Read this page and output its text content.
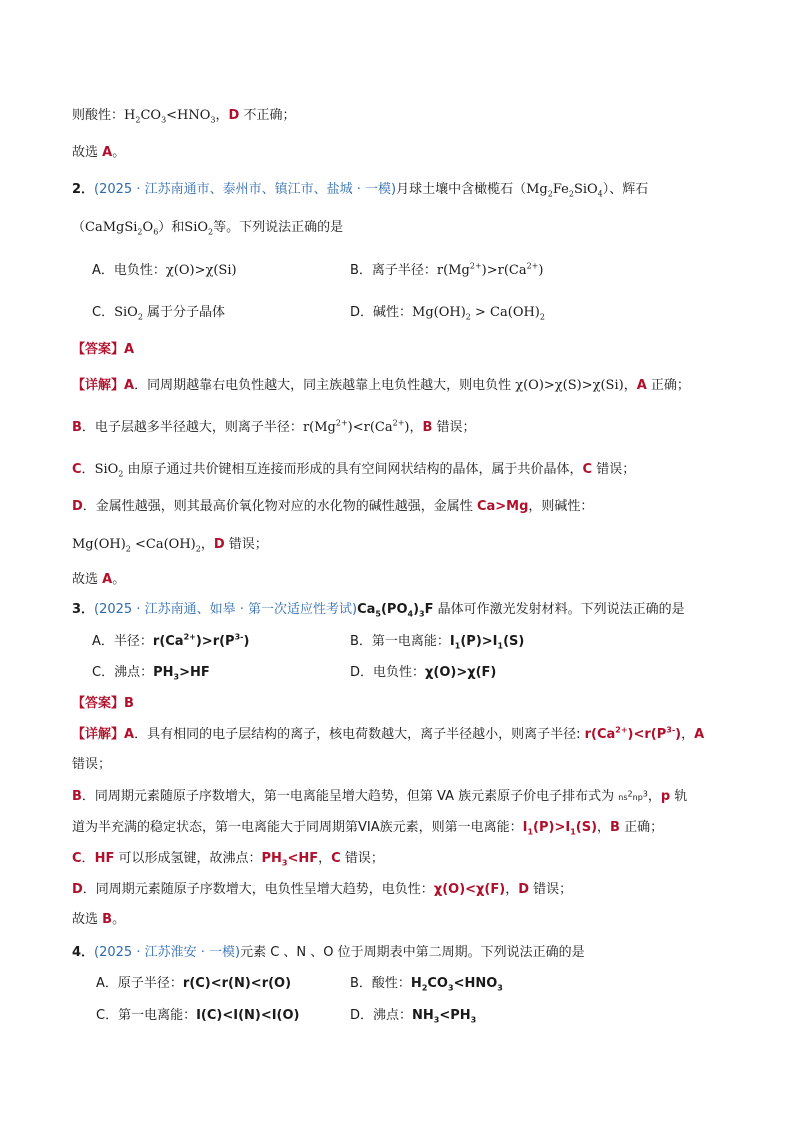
则酸性：$H_2CO_3<HNO_3$，D 不正确；
故选 A。
2．(2025 · 江苏南通市、泰州市、镇江市、盐城 · 一模)月球土壤中含橄榄石$(Mg_2Fe_2SiO_4)$、辉石
$(CaMgSi_2O_6)$和SiO$_2$等。下列说法正确的是
A．电负性：χ(O)>χ(Si)	B．离子半径：$r(Mg^{2+})>r(Ca^{2+})$
C．SiO$_2$ 属于分子晶体	D．碱性：$Mg(OH)_2 > Ca(OH)_2$
【答案】A
【详解】A．同周期越靠右电负性越大，同主族越靠上电负性越大，则电负性 χ(O)>χ(S)>χ(Si)，A 正确；
B．电子层越多半径越大，则离子半径：$r(Mg^{2+})<r(Ca^{2+})$，B 错误；
C．SiO$_2$ 由原子通过共价键相互连接而形成的具有空间网状结构的晶体，属于共价晶体，C 错误；
D．金属性越强，则其最高价氧化物对应的水化物的碱性越强，金属性 Ca>Mg，则碱性：
$Mg(OH)_2 <Ca(OH)_2$，D 错误；
故选 A。
3．(2025 · 江苏南通、如皋 · 第一次适应性考试)$Ca_5(PO_4)_3F$ 晶体可作激光发射材料。下列说法正确的是
A．半径：$r(Ca^{2+})>r(P^{3-})$	B．第一电离能：$I_1(P)>I_1(S)$
C．沸点：$PH_3>HF$	D．电负性：χ(O)>χ(F)
【答案】B
【详解】A．具有相同的电子层结构的离子，核电荷数越大，离子半径越小，则离子半径: $r(Ca^{2+})<r(P^{3-})$，A
错误；
B．同周期元素随原子序数增大，第一电离能呈增大趋势，但第 VA 族元素原子价电子排布式为 $ns^2np^3$，p 轨
道为半充满的稳定状态，第一电离能大于同周期第VIA族元素，则第一电离能：$I_1(P)>I_1(S)$，B 正确；
C．HF 可以形成氢键，故沸点：$PH_3<HF$，C 错误；
D．同周期元素随原子序数增大，电负性呈增大趋势，电负性：χ(O)<χ(F)，D 错误；
故选 B。
4．(2025 · 江苏淮安 · 一模)元素 C 、N 、O 位于周期表中第二周期。下列说法正确的是
A．原子半径：r(C)<r(N)<r(O)	B．酸性：$H_2CO_3<HNO_3$
C．第一电离能：I(C)<I(N)<I(O)	D．沸点：$NH_3<PH_3$
